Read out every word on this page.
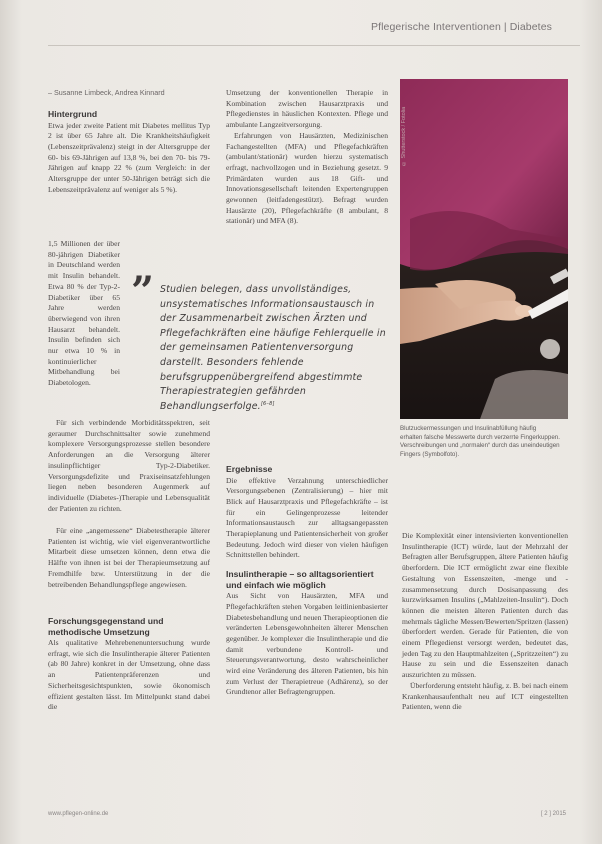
Pflegerische Interventionen | Diabetes
– Susanne Limbeck, Andrea Kinnard
Hintergrund

Etwa jeder zweite Patient mit Diabetes mellitus Typ 2 ist über 65 Jahre alt. Die Krankheitshäufigkeit (Lebenszeitprävalenz) steigt in der Altersgruppe der 60- bis 69-Jährigen auf 13,8 %, bei den 70- bis 79-Jährigen auf knapp 22 % (zum Vergleich: in der Altersgruppe der unter 50-Jährigen beträgt sich die Lebenszeitprävalenz auf weniger als 5 %).

1,5 Millionen der über 80-jährigen Diabetiker in Deutschland werden mit Insulin behandelt. Etwa 80 % der Typ-2-Diabetiker über 65 Jahre werden überwiegend von ihren Hausarzt behandelt. Insulin befinden sich nur etwa 10 % in kontinuierlicher Mitbehandlung bei Diabetologen.

Für sich verbindende Morbiditätsspektren, seit geraumer Durchschnittsalter sowie zunehmend komplexere Versorgungsprozesse stellen besondere Anforderungen an die Versorgung älterer insulinpflichtiger Typ-2-Diabetiker. Versorgungsdefizite und Praxiseinsatzfehlungen liegen neben besonderen Augenmerk auf individuelle (Diabetes-)Therapie und Lebensqualität der Patienten zu richten.

Für eine „angemessene“ Diabetestherapie älterer Patienten ist wichtig, wie viel eigenverantwortliche Mitarbeit diese umsetzen können, denn etwa die Hälfte von ihnen ist bei der Therapieumsetzung auf Fremdhilfe bzw. Unterstützung in der die betreibenden Behandlungspflege angewiesen.

Forschungsgegenstand und methodische Umsetzung

Als qualitative Mehrebenenuntersuchung wurde erfragt, wie sich die Insulintherapie älterer Patienten (ab 80 Jahre) konkret in der Umsetzung, ohne dass an Patientenpräferenzen und Sicherheitsgesichtspunkten, sowie ökonomisch effizient gestalten lässt. Im Mittelpunkt stand dabei die

Umsetzung der konventionellen Therapie in Kombination zwischen Hausarztpraxis und Pflegedienstes in häuslichen Kontexten. Pflege und ambulante Langzeitversorgung.

Erfahrungen von Hausärzten, Medizinischen Fachangestellten (MFA) und Pflegefachkräften (ambulant/stationär) wurden hierzu systematisch erfragt, nachvollzogen und in Beziehung gesetzt. 9 Primärdaten wurden aus 18 Gift- und Innovationsgesellschaft leitenden Expertengruppen gewonnen (leitfadengestützt). Befragt wurden Hausärzte (20), Pflegefachkräfte (8 ambulant, 8 stationär) und MFA (8).

” Studien belegen, dass unvollständiges, unsystematisches Informationsaustausch in der Zusammenarbeit zwischen Ärzten und Pflegefachkräften eine häufige Fehlerquelle in der gemeinsamen Patientenversorgung darstellt. Besonders fehlende berufsgruppenübergreifend abgestimmte Therapiestrategien gefährden Behandlungserfolge.[6–8]
Ergebnisse

Die effektive Verzahnung unterschiedlicher Versorgungsebenen (Zentralisierung) – hier mit Blick auf Hausarztpraxis und Pflegefachkräfte – ist für ein Gelingenprozesse leitender Informationsaustausch zur alltagsangepassten Therapieplanung und Patientensicherheit von großer Bedeutung. Jedoch wird dieser von vielen häufigen Schnittstellen behindert.

Insulintherapie – so alltagsorientiert und einfach wie möglich

Aus Sicht von Hausärzten, MFA und Pflegefachkräften stehen Vorgaben leitlinienbasierter Diabetesbehandlung und neuen Therapieoptionen die veränderten Lebensgewohnheiten älterer Menschen gegenüber. Je komplexer die Insulintherapie und die damit verbundene Kontroll- und Steuerungsverantwortung, desto wahrscheinlicher wird eine Veränderung des älteren Patienten, bis hin zum Verlust der Therapietreue (Adhärenz), so der Grundtenor aller Befragtengruppen.

© Shutterstock / Fotolia
Blutzuckermessungen und Insulinabfüllung häufig erhalten falsche Messwerte durch verzerrte Fingerkuppen. Verschreibungen und „normalen“ durch das uneindeutigen Fingers (Symbolfoto).

Die Komplexität einer intensivierten konventionellen Insulintherapie (ICT) würde, laut der Mehrzahl der Befragten aller Berufsgruppen, ältere Patienten häufig überfordern. Die ICT ermöglicht zwar eine flexible Gestaltung von Essenszeiten, -menge und -zusammensetzung durch Dosisanpassung des kurzwirksamen Insulins („Mahlzeiten-Insulin“). Doch können die meisten älteren Patienten durch das mehrmals tägliche Messen/Bewerten/Spritzen (lassen) überfordert werden. Gerade für Patienten, die von einem Pflegedienst versorgt werden, bedeutet das, jeden Tag zu den Hauptmahlzeiten („Spritzzeiten“) zu Hause zu sein und die Essenszeiten danach auszurichten zu müssen.

Überforderung entsteht häufig, z. B. bei nach einem Krankenhausaufenthalt neu auf ICT eingestellten Patienten, wenn die

www.pflegen-online.de	[ 2 ] 2015
